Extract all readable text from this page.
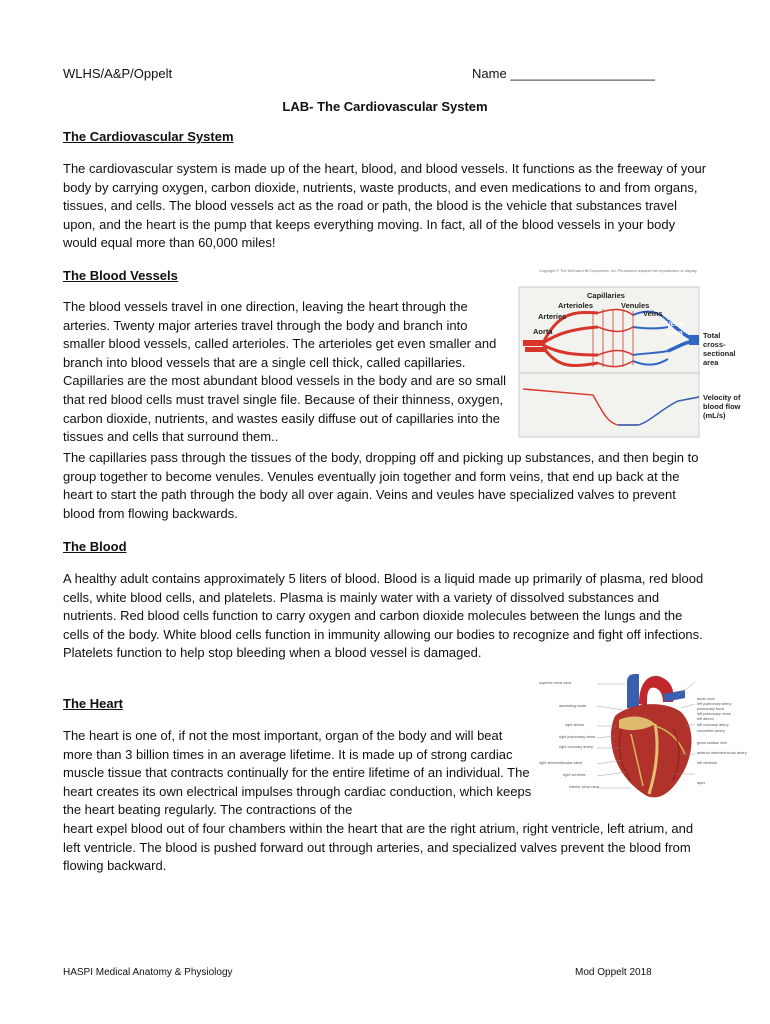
WLHS/A&P/Oppelt	Name ____________________
LAB- The Cardiovascular System
The Cardiovascular System

The cardiovascular system is made up of the heart, blood, and blood vessels. It functions as the freeway of your body by carrying oxygen, carbon dioxide, nutrients, waste products, and even medications to and from organs, tissues, and cells. The blood vessels act as the road or path, the blood is the vehicle that substances travel upon, and the heart is the pump that keeps everything moving. In fact, all of the blood vessels in your body would equal more than 60,000 miles!

The Blood Vessels

The blood vessels travel in one direction, leaving the heart through the arteries. Twenty major arteries travel through the body and branch into smaller blood vessels, called arterioles. The arterioles get even smaller and branch into blood vessels that are a single cell thick, called capillaries. Capillaries are the most abundant blood vessels in the body and are so small that red blood cells must travel single file. Because of their thinness, oxygen, carbon dioxide, nutrients, and wastes easily diffuse out of capillaries into the tissues and cells that surround them..

The capillaries pass through the tissues of the body, dropping off and picking up substances, and then begin to group together to become venules. Venules eventually join together and form veins, that end up back at the heart to start the path through the body all over again. Veins and veules have specialized valves to prevent blood from flowing backwards.

Copyright © The McGraw-Hill Companies, Inc. Permission required for reproduction or display.
Capillaries
Arterioles	Venules
Arteries	Veins
Aorta
Vena
cava	Total
cross-
sectional
area
Velocity of
blood flow
(mL/s)
The Blood

A healthy adult contains approximately 5 liters of blood. Blood is a liquid made up primarily of plasma, red blood cells, white blood cells, and platelets. Plasma is mainly water with a variety of dissolved substances and nutrients. Red blood cells function to carry oxygen and carbon dioxide molecules between the lungs and the cells of the body. White blood cells function in immunity allowing our bodies to recognize and fight off infections. Platelets function to help stop bleeding when a blood vessel is damaged.

The Heart

The heart is one of, if not the most important, organ of the body and will beat more than 3 billion times in an average lifetime. It is made up of strong cardiac muscle tissue that contracts continually for the entire lifetime of an individual. The heart creates its own electrical impulses through cardiac conduction, which keeps the heart beating regularly. The contractions of the

heart expel blood out of four chambers within the heart that are the right atrium, right ventricle, left atrium, and left ventricle. The blood is pushed forward out through arteries, and specialized valves prevent the blood from flowing backward.

superior vena cava
ascending aorta
right atrium
right pulmonary veins
right coronary artery
right atrioventricular valve
right ventricle
inferior vena cava
aortic arch
left pulmonary artery
pulmonary trunk
left pulmonary veins
left atrium
left coronary artery
circumflex artery
great cardiac vein
anterior interventricular artery
left ventricle
apex
HASPI Medical Anatomy & Physiology	Mod Oppelt 2018
